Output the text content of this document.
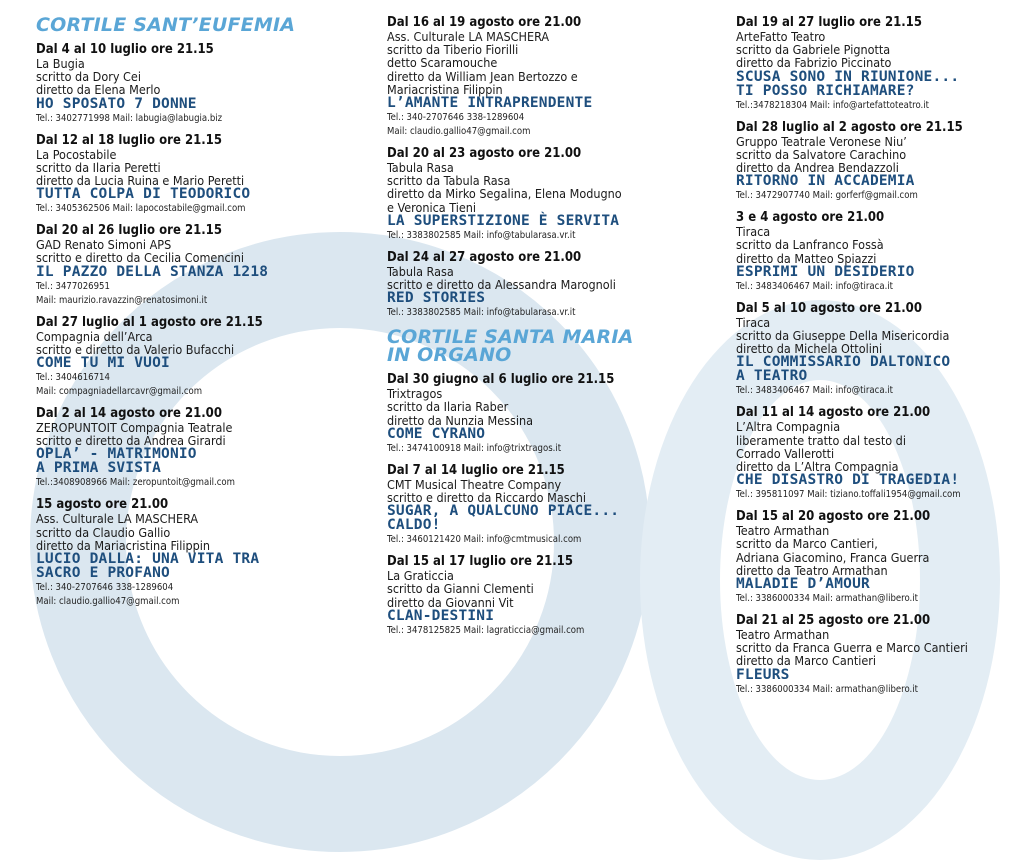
CORTILE SANT’EUFEMIA
Dal 4 al 10 luglio ore 21.15
La Bugia
scritto da Dory Cei
diretto da Elena Merlo
HO SPOSATO 7 DONNE
Tel.: 3402771998 Mail: labugia@labugia.biz
Dal 12 al 18 luglio ore 21.15
La Pocostabile
scritto da Ilaria Peretti
diretto da Lucia Ruina e Mario Peretti
TUTTA COLPA DI TEODORICO
Tel.: 3405362506 Mail: lapocostabile@gmail.com
Dal 20 al 26 luglio ore 21.15
GAD Renato Simoni APS
scritto e diretto da Cecilia Comencini
IL PAZZO DELLA STANZA 1218
Tel.: 3477026951
Mail: maurizio.ravazzin@renatosimoni.it
Dal 27 luglio al 1 agosto ore 21.15
Compagnia dell’Arca
scritto e diretto da Valerio Bufacchi
COME TU MI VUOI
Tel.: 3404616714
Mail: compagniadellarcavr@gmail.com
Dal 2 al 14 agosto ore 21.00
ZEROPUNTOIT Compagnia Teatrale
scritto e diretto da Andrea Girardi
OPLA’ - MATRIMONIO
A PRIMA SVISTA
Tel.:3408908966 Mail: zeropuntoit@gmail.com
15 agosto ore 21.00
Ass. Culturale LA MASCHERA
scritto da Claudio Gallio
diretto da Mariacristina Filippin
LUCIO DALLA: UNA VITA TRA
SACRO E PROFANO
Tel.: 340-2707646 338-1289604
Mail: claudio.gallio47@gmail.com
Dal 16 al 19 agosto ore 21.00
Ass. Culturale LA MASCHERA
scritto da Tiberio Fiorilli
detto Scaramouche
diretto da William Jean Bertozzo e
Mariacristina Filippin
L’AMANTE INTRAPRENDENTE
Tel.: 340-2707646 338-1289604
Mail: claudio.gallio47@gmail.com
Dal 20 al 23 agosto ore 21.00
Tabula Rasa
scritto da Tabula Rasa
diretto da Mirko Segalina, Elena Modugno
e Veronica Tieni
LA SUPERSTIZIONE È SERVITA
Tel.: 3383802585 Mail: info@tabularasa.vr.it
Dal 24 al 27 agosto ore 21.00
Tabula Rasa
scritto e diretto da Alessandra Marognoli
RED STORIES
Tel.: 3383802585 Mail: info@tabularasa.vr.it
CORTILE SANTA MARIA IN ORGANO
Dal 30 giugno al 6 luglio ore 21.15
Trixtragos
scritto da Ilaria Raber
diretto da Nunzia Messina
COME CYRANO
Tel.: 3474100918 Mail: info@trixtragos.it
Dal 7 al 14 luglio ore 21.15
CMT Musical Theatre Company
scritto e diretto da Riccardo Maschi
SUGAR, A QUALCUNO PIACE...
CALDO!
Tel.: 3460121420 Mail: info@cmtmusical.com
Dal 15 al 17 luglio ore 21.15
La Graticcia
scritto da Gianni Clementi
diretto da Giovanni Vit
CLAN-DESTINI
Tel.: 3478125825 Mail: lagraticcia@gmail.com
Dal 19 al 27 luglio ore 21.15
ArteFatto Teatro
scritto da Gabriele Pignotta
diretto da Fabrizio Piccinato
SCUSA SONO IN RIUNIONE...
TI POSSO RICHIAMARE?
Tel.:3478218304 Mail: info@artefattoteatro.it
Dal 28 luglio al 2 agosto ore 21.15
Gruppo Teatrale Veronese Niu’
scritto da Salvatore Carachino
diretto da Andrea Bendazzoli
RITORNO IN ACCADEMIA
Tel.: 3472907740 Mail: gorferf@gmail.com
3 e 4 agosto ore 21.00
Tiraca
scritto da Lanfranco Fossà
diretto da Matteo Spiazzi
ESPRIMI UN DESIDERIO
Tel.: 3483406467 Mail: info@tiraca.it
Dal 5 al 10 agosto ore 21.00
Tiraca
scritto da Giuseppe Della Misericordia
diretto da Michela Ottolini
IL COMMISSARIO DALTONICO
A TEATRO
Tel.: 3483406467 Mail: info@tiraca.it
Dal 11 al 14 agosto ore 21.00
L’Altra Compagnia
liberamente tratto dal testo di
Corrado Vallerotti
diretto da L’Altra Compagnia
CHE DISASTRO DI TRAGEDIA!
Tel.: 395811097 Mail: tiziano.toffali1954@gmail.com
Dal 15 al 20 agosto ore 21.00
Teatro Armathan
scritto da Marco Cantieri,
Adriana Giacomino, Franca Guerra
diretto da Teatro Armathan
MALADIE D’AMOUR
Tel.: 3386000334 Mail: armathan@libero.it
Dal 21 al 25 agosto ore 21.00
Teatro Armathan
scritto da Franca Guerra e Marco Cantieri
diretto da Marco Cantieri
FLEURS
Tel.: 3386000334 Mail: armathan@libero.it
